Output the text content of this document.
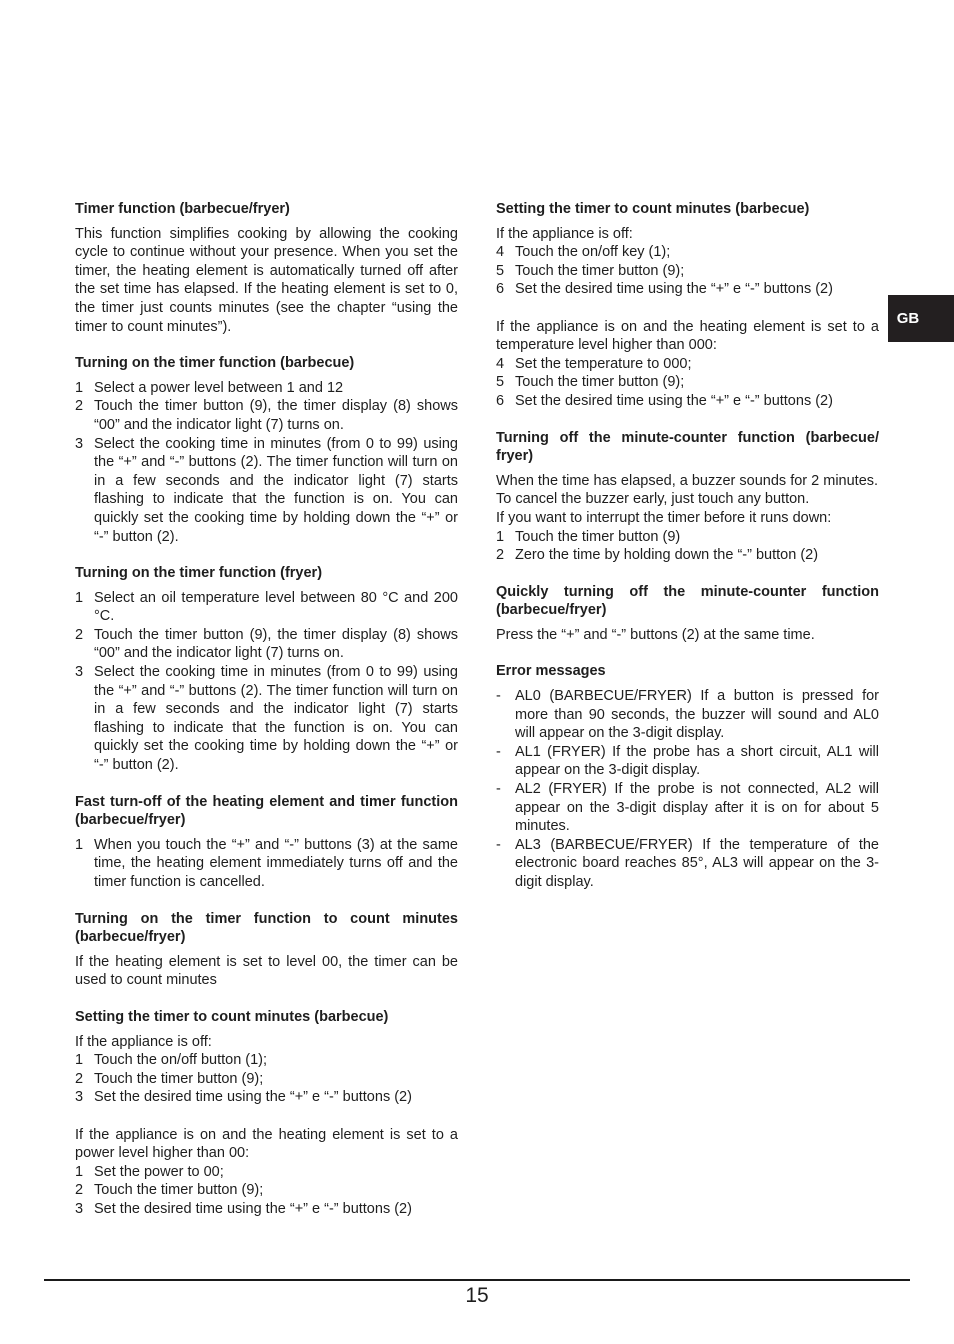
Timer function (barbecue/fryer)

This function simplifies cooking by allowing the cooking cycle to continue without your presence. When you set the timer, the heating element is automatically turned off after the set time has elapsed. If the heating element is set to 0, the timer just counts minutes (see the chapter “using the timer to count minutes”).

Turning on the timer function (barbecue)
1 Select a power level between 1 and 12
2 Touch the timer button (9), the timer display (8) shows “00” and the indicator light (7) turns on.
3 Select the cooking time in minutes (from 0 to 99) using the “+” and “-” buttons (2). The timer function will turn on in a few seconds and the indicator light (7) starts flashing to indicate that the function is on. You can quickly set the cooking time by holding down the “+” or “-” button (2).
Turning on the timer function (fryer)
1 Select an oil temperature level between 80 °C and 200 °C.
2 Touch the timer button (9), the timer display (8) shows “00” and the indicator light (7) turns on.
3 Select the cooking time in minutes (from 0 to 99) using the “+” and “-” buttons (2). The timer function will turn on in a few seconds and the indicator light (7) starts flashing to indicate that the function is on. You can quickly set the cooking time by holding down the “+” or “-” button (2).
Fast turn-off of the heating element and timer function (barbecue/fryer)
1 When you touch the “+” and “-” buttons (3) at the same time, the heating element immediately turns off and the timer function is cancelled.
Turning on the timer function to count minutes (barbecue/fryer)

If the heating element is set to level 00, the timer can be used to count minutes

Setting the timer to count minutes (barbecue)

If the appliance is off:

1 Touch the on/off button (1);
2 Touch the timer button (9);
3 Set the desired time using the “+” e “-” buttons (2)

If the appliance is on and the heating element is set to a power level higher than 00:

1 Set the power to 00;
2 Touch the timer button (9);
3 Set the desired time using the “+” e “-” buttons (2)
Setting the timer to count minutes (barbecue)

If the appliance is off:

4 Touch the on/off key (1);
5 Touch the timer button (9);
6 Set the desired time using the “+” e “-” buttons (2)

If the appliance is on and the heating element is set to a temperature level higher than 000:

4 Set the temperature to 000;
5 Touch the timer button (9);
6 Set the desired time using the “+” e “-” buttons (2)
Turning off the minute-counter function (barbecue/ fryer)

When the time has elapsed, a buzzer sounds for 2 minutes.

To cancel the buzzer early, just touch any button.

If you want to interrupt the timer before it runs down:

1 Touch the timer button (9)
2 Zero the time by holding down the “-” button (2)
Quickly turning off the minute-counter function (barbecue/fryer)

Press the “+” and “-” buttons (2) at the same time.

Error messages
- AL0 (BARBECUE/FRYER) If a button is pressed for more than 90 seconds, the buzzer will sound and AL0 will appear on the 3-digit display.
- AL1 (FRYER) If the probe has a short circuit, AL1 will appear on the 3-digit display.
- AL2 (FRYER) If the probe is not connected, AL2 will appear on the 3-digit display after it is on for about 5 minutes.
- AL3 (BARBECUE/FRYER) If the temperature of the electronic board reaches 85°, AL3 will appear on the 3-digit display.
GB
15
